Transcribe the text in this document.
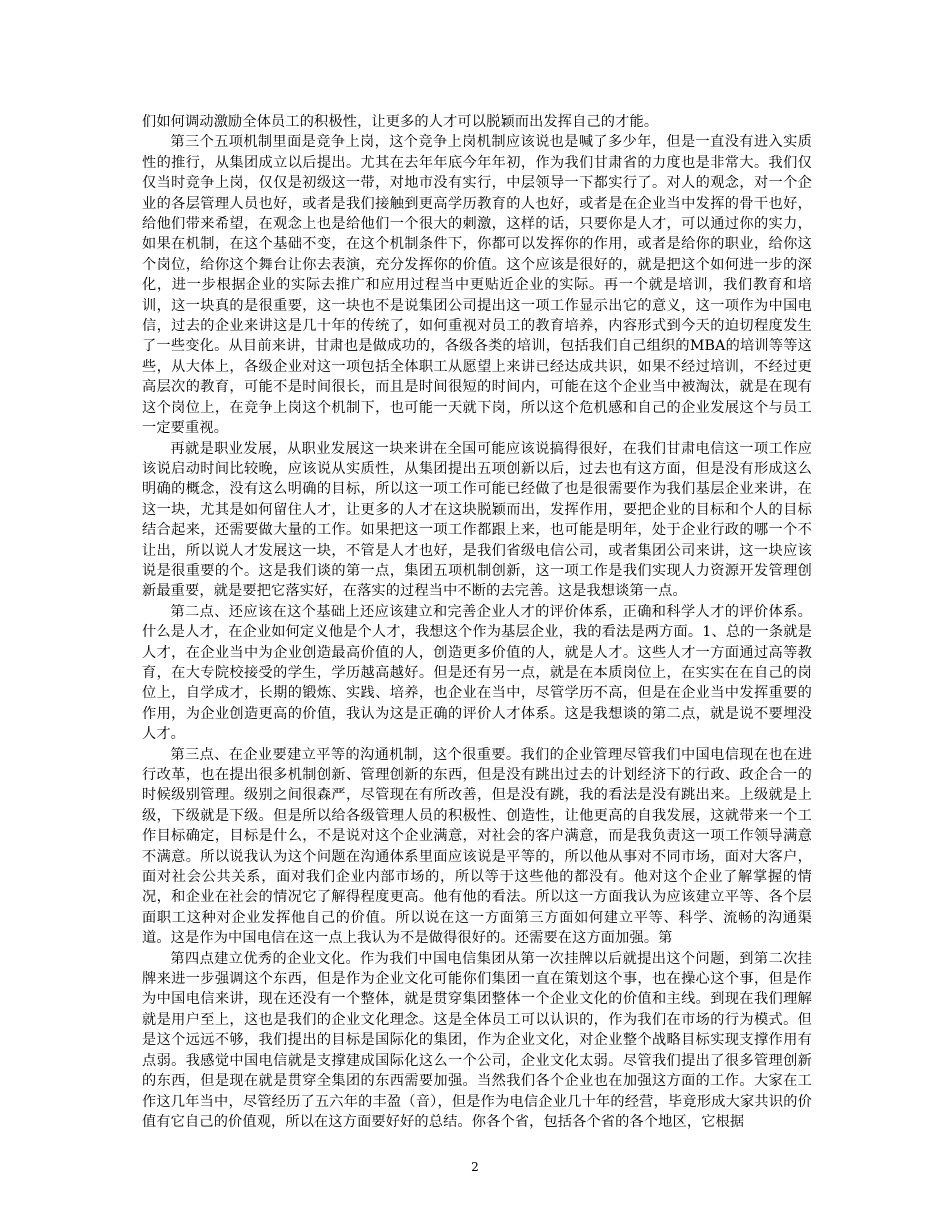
们如何调动激励全体员工的积极性，让更多的人才可以脱颖而出发挥自己的才能。

第三个五项机制里面是竞争上岗，这个竞争上岗机制应该说也是喊了多少年，但是一直没有进入实质性的推行，从集团成立以后提出。尤其在去年年底今年年初，作为我们甘肃省的力度也是非常大。我们仅仅当时竞争上岗，仅仅是初级这一带，对地市没有实行，中层领导一下都实行了。对人的观念，对一个企业的各层管理人员也好，或者是我们接触到更高学历教育的人也好，或者是在企业当中发挥的骨干也好，给他们带来希望，在观念上也是给他们一个很大的刺激，这样的话，只要你是人才，可以通过你的实力，如果在机制，在这个基础不变，在这个机制条件下，你都可以发挥你的作用，或者是给你的职业，给你这个岗位，给你这个舞台让你去表演，充分发挥你的价值。这个应该是很好的，就是把这个如何进一步的深化，进一步根据企业的实际去推广和应用过程当中更贴近企业的实际。再一个就是培训，我们教育和培训，这一块真的是很重要，这一块也不是说集团公司提出这一项工作显示出它的意义，这一项作为中国电信，过去的企业来讲这是几十年的传统了，如何重视对员工的教育培养，内容形式到今天的迫切程度发生了一些变化。从目前来讲，甘肃也是做成功的，各级各类的培训，包括我们自己组织的MBA的培训等等这些，从大体上，各级企业对这一项包括全体职工从愿望上来讲已经达成共识，如果不经过培训，不经过更高层次的教育，可能不是时间很长，而且是时间很短的时间内，可能在这个企业当中被淘汰，就是在现有这个岗位上，在竞争上岗这个机制下，也可能一天就下岗，所以这个危机感和自己的企业发展这个与员工一定要重视。

再就是职业发展，从职业发展这一块来讲在全国可能应该说搞得很好，在我们甘肃电信这一项工作应该说启动时间比较晚，应该说从实质性，从集团提出五项创新以后，过去也有这方面，但是没有形成这么明确的概念，没有这么明确的目标，所以这一项工作可能已经做了也是很需要作为我们基层企业来讲，在这一块，尤其是如何留住人才，让更多的人才在这块脱颖而出，发挥作用，要把企业的目标和个人的目标结合起来，还需要做大量的工作。如果把这一项工作都跟上来，也可能是明年，处于企业行政的哪一个不让出，所以说人才发展这一块，不管是人才也好，是我们省级电信公司，或者集团公司来讲，这一块应该说是很重要的个。这是我们谈的第一点，集团五项机制创新，这一项工作是我们实现人力资源开发管理创新最重要，就是要把它落实好，在落实的过程当中不断的去完善。这是我想谈第一点。

第二点、还应该在这个基础上还应该建立和完善企业人才的评价体系，正确和科学人才的评价体系。什么是人才，在企业如何定义他是个人才，我想这个作为基层企业，我的看法是两方面。1、总的一条就是人才，在企业当中为企业创造最高价值的人，创造更多价值的人，就是人才。这些人才一方面通过高等教育，在大专院校接受的学生，学历越高越好。但是还有另一点，就是在本质岗位上，在实实在在自己的岗位上，自学成才，长期的锻炼、实践、培养，也企业在当中，尽管学历不高，但是在企业当中发挥重要的作用，为企业创造更高的价值，我认为这是正确的评价人才体系。这是我想谈的第二点，就是说不要埋没人才。

第三点、在企业要建立平等的沟通机制，这个很重要。我们的企业管理尽管我们中国电信现在也在进行改革，也在提出很多机制创新、管理创新的东西，但是没有跳出过去的计划经济下的行政、政企合一的时候级别管理。级别之间很森严，尽管现在有所改善，但是没有跳，我的看法是没有跳出来。上级就是上级，下级就是下级。但是所以给各级管理人员的积极性、创造性，让他更高的自我发展，这就带来一个工作目标确定，目标是什么，不是说对这个企业满意，对社会的客户满意，而是我负责这一项工作领导满意不满意。所以说我认为这个问题在沟通体系里面应该说是平等的，所以他从事对不同市场，面对大客户，面对社会公共关系，面对我们企业内部市场的，所以等于这些他的都没有。他对这个企业了解掌握的情况，和企业在社会的情况它了解得程度更高。他有他的看法。所以这一方面我认为应该建立平等、各个层面职工这种对企业发挥他自己的价值。所以说在这一方面第三方面如何建立平等、科学、流畅的沟通渠道。这是作为中国电信在这一点上我认为不是做得很好的。还需要在这方面加强。第

第四点建立优秀的企业文化。作为我们中国电信集团从第一次挂牌以后就提出这个问题，到第二次挂牌来进一步强调这个东西，但是作为企业文化可能你们集团一直在策划这个事，也在操心这个事，但是作为中国电信来讲，现在还没有一个整体，就是贯穿集团整体一个企业文化的价值和主线。到现在我们理解就是用户至上，这也是我们的企业文化理念。这是全体员工可以认识的，作为我们在市场的行为模式。但是这个远远不够，我们提出的目标是国际化的集团，作为企业文化，对企业整个战略目标实现支撑作用有点弱。我感觉中国电信就是支撑建成国际化这么一个公司，企业文化太弱。尽管我们提出了很多管理创新的东西，但是现在就是贯穿全集团的东西需要加强。当然我们各个企业也在加强这方面的工作。大家在工作这几年当中，尽管经历了五六年的丰盈（音），但是作为电信企业几十年的经营，毕竟形成大家共识的价值有它自己的价值观，所以在这方面要好好的总结。你各个省，包括各个省的各个地区，它根据

2
